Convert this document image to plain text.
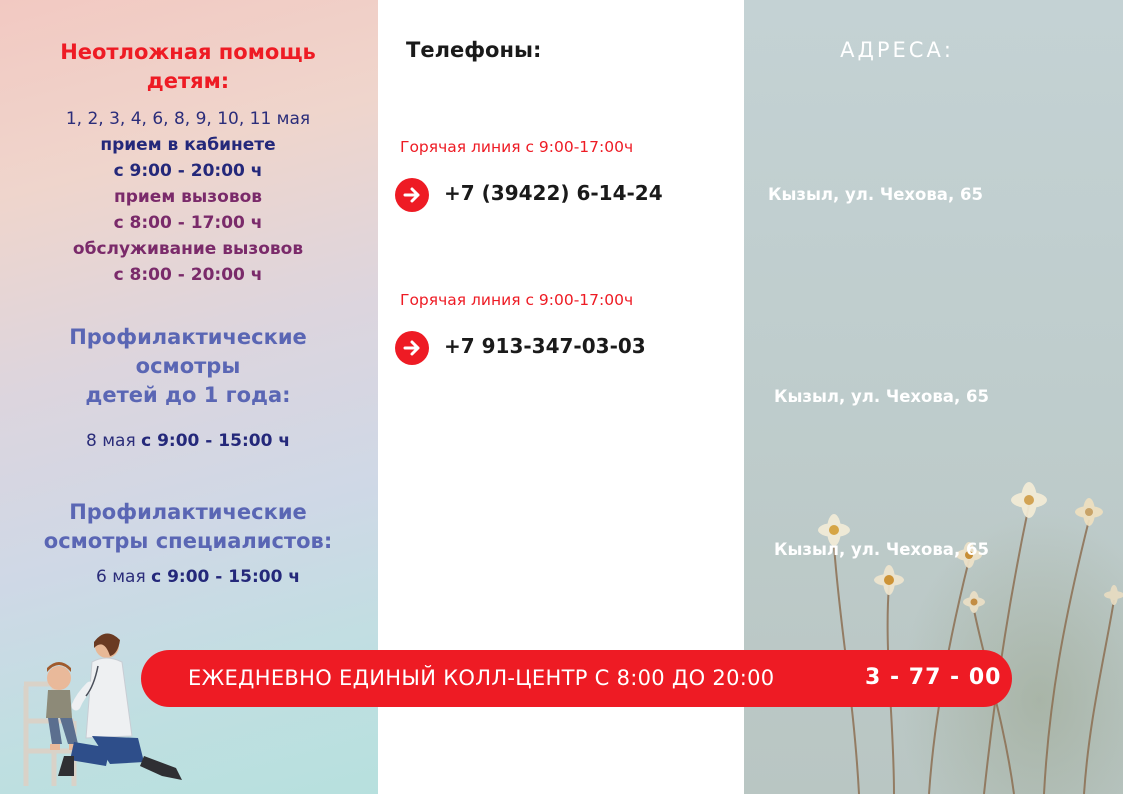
Неотложная помощь
детям:
1, 2, 3, 4, 6, 8, 9, 10, 11 мая
прием в кабинете
с 9:00 - 20:00 ч
прием вызовов
с 8:00 - 17:00 ч
обслуживание вызовов
с 8:00 - 20:00 ч
Профилактические
осмотры
детей до 1 года:
8 мая с 9:00 - 15:00 ч
Профилактические
осмотры специалистов:
6 мая с 9:00 - 15:00 ч
Телефоны:
Горячая линия с 9:00-17:00ч
+7 (39422) 6-14-24
Горячая линия с 9:00-17:00ч
+7 913-347-03-03
АДРЕСА:
Кызыл, ул. Чехова, 65
Кызыл, ул. Чехова, 65
Кызыл, ул. Чехова, 65
ЕЖЕДНЕВНО ЕДИНЫЙ КОЛЛ-ЦЕНТР С 8:00 ДО 20:00	3 - 77 - 00
